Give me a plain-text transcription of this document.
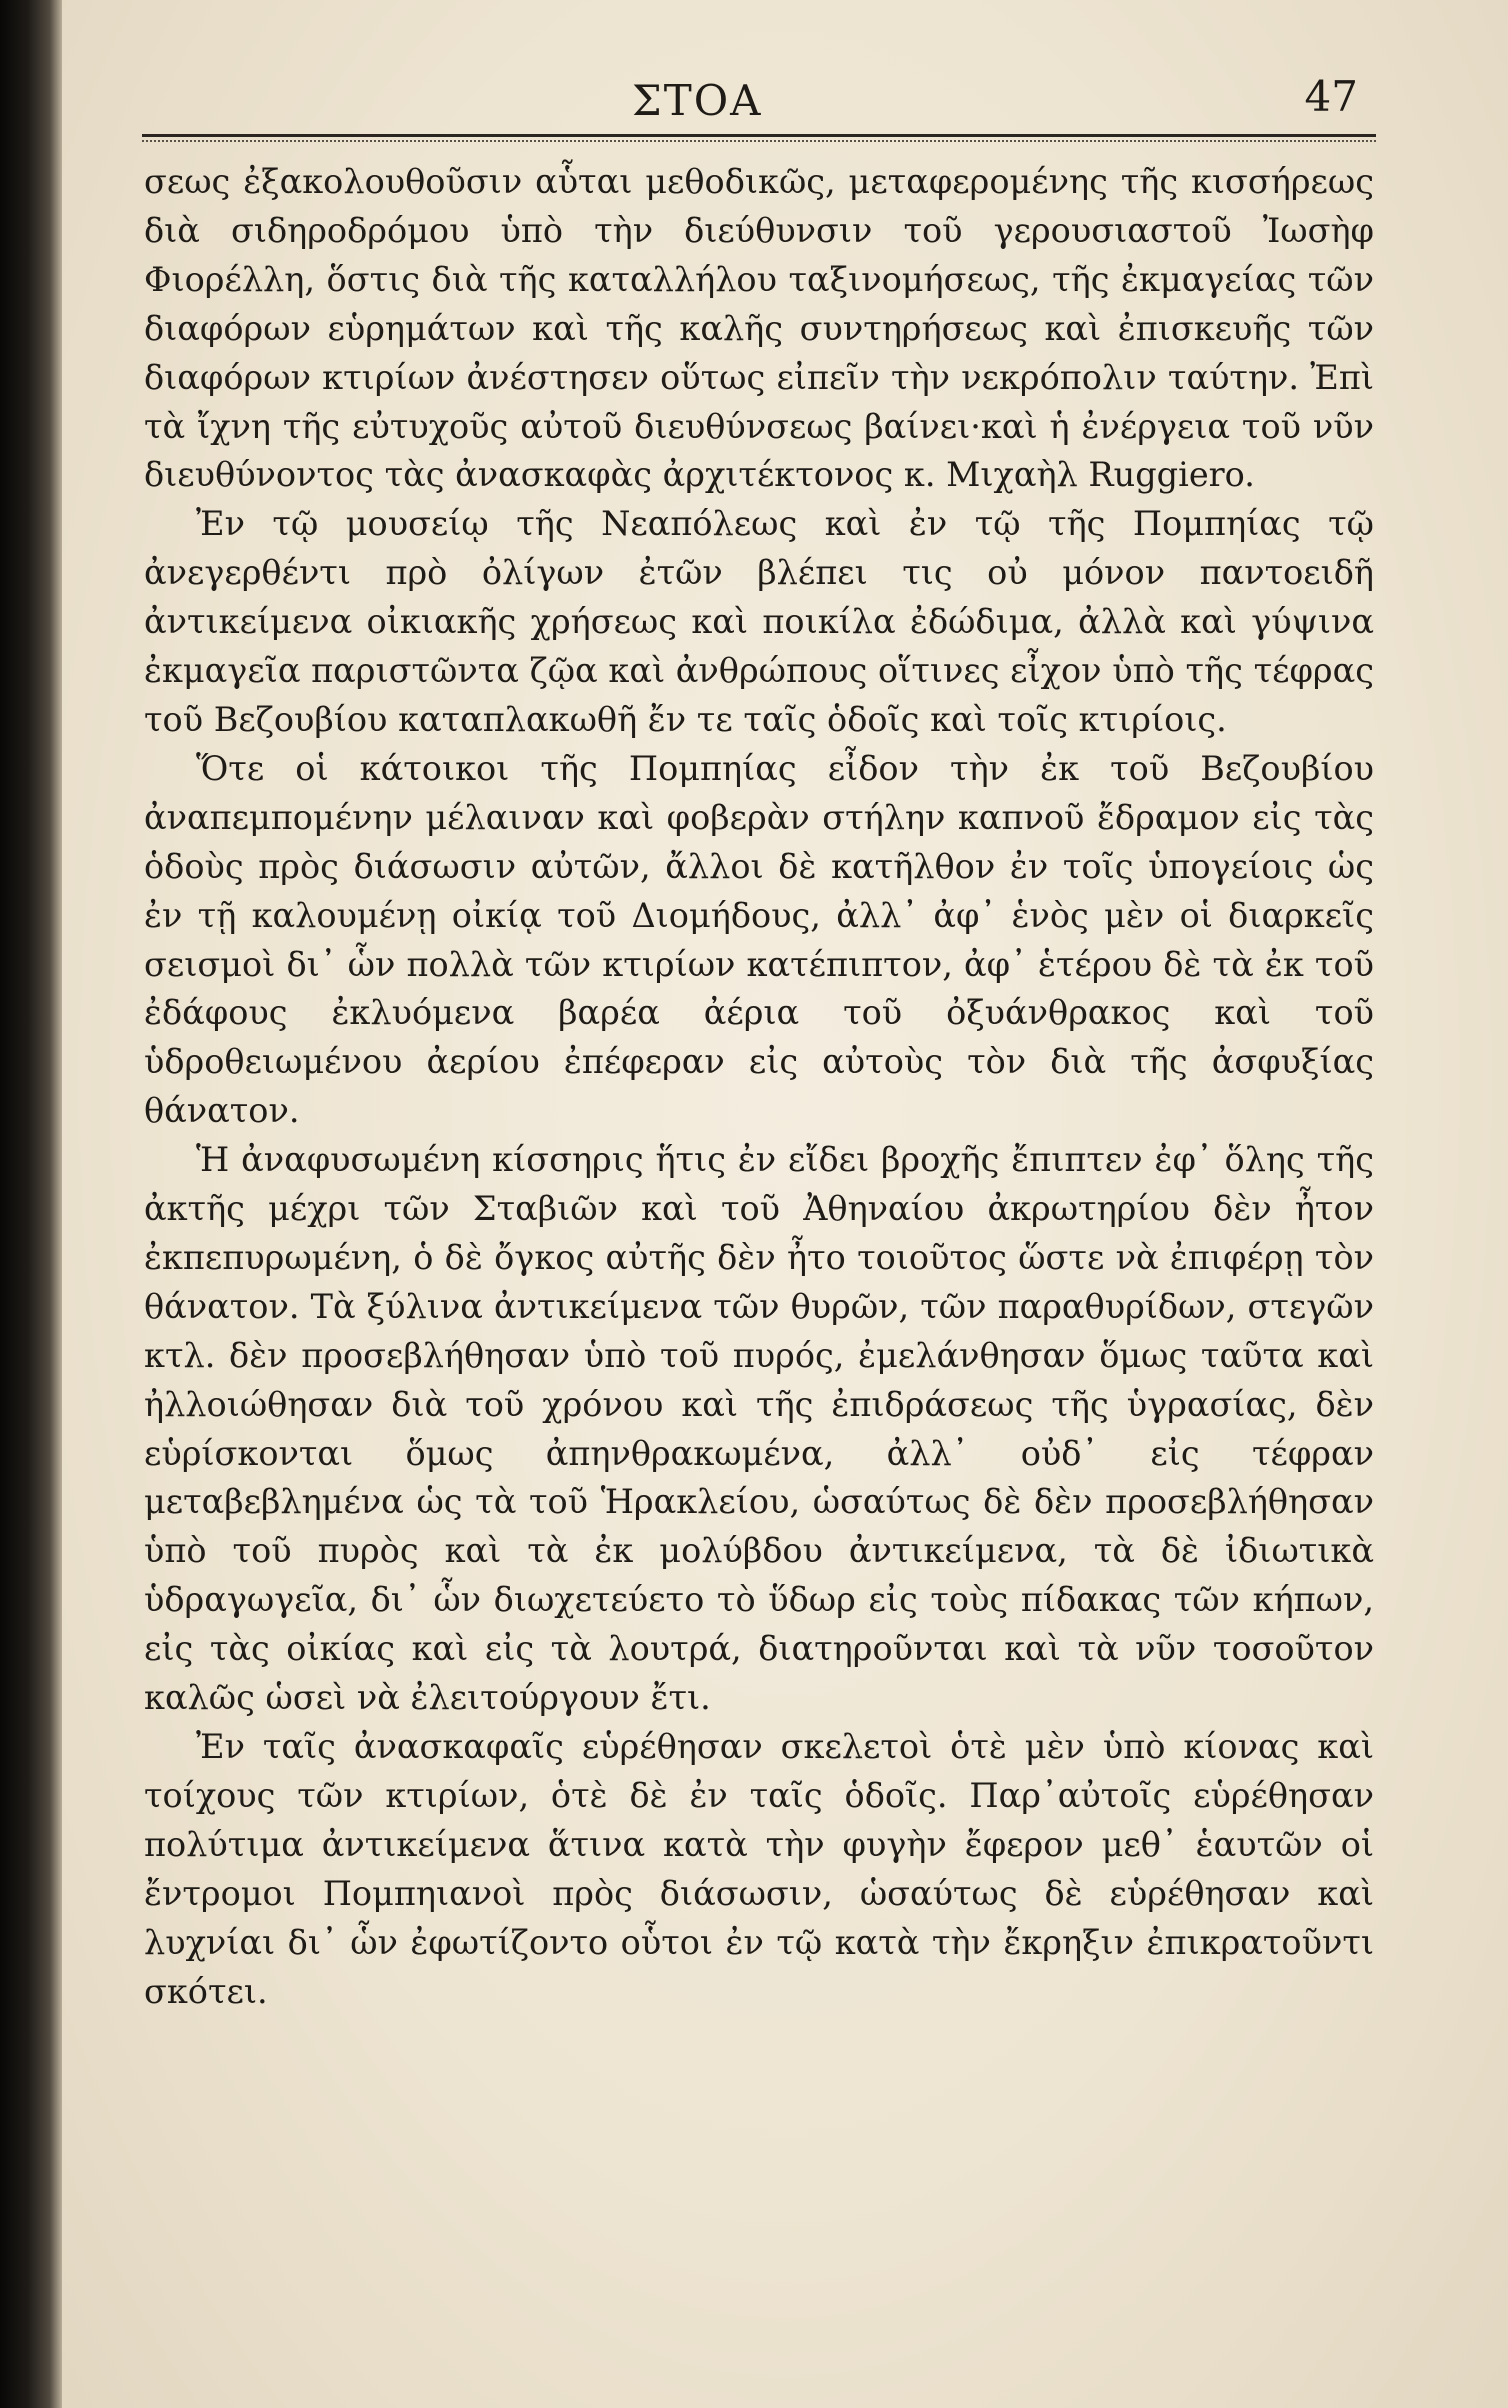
ΣΤΟΑ	47

σεως ἐξακολουθοῦσιν αὗται μεθοδικῶς, μεταφερομένης τῆς κισσήρεως διὰ σιδηροδρόμου ὑπὸ τὴν διεύθυνσιν τοῦ γερουσιαστοῦ Ἰωσὴφ Φιορέλλη, ὅστις διὰ τῆς καταλλήλου ταξινομήσεως, τῆς ἐκμαγείας τῶν διαφόρων εὑρημάτων καὶ τῆς καλῆς συντηρήσεως καὶ ἐπισκευῆς τῶν διαφόρων κτιρίων ἀνέστησεν οὕτως εἰπεῖν τὴν νεκρόπολιν ταύτην. Ἐπὶ τὰ ἴχνη τῆς εὐτυχοῦς αὐτοῦ διευθύνσεως βαίνει·καὶ ἡ ἐνέργεια τοῦ νῦν διευθύνοντος τὰς ἀνασκαφὰς ἀρχιτέκτονος κ. Μιχαὴλ Ruggiero.

Ἐν τῷ μουσείῳ τῆς Νεαπόλεως καὶ ἐν τῷ τῆς Πομπηίας τῷ ἀνεγερθέντι πρὸ ὀλίγων ἐτῶν βλέπει τις οὐ μόνον παντοειδῆ ἀντικείμενα οἰκιακῆς χρήσεως καὶ ποικίλα ἐδώδιμα, ἀλλὰ καὶ γύψινα ἐκμαγεῖα παριστῶντα ζῷα καὶ ἀνθρώπους οἵτινες εἶχον ὑπὸ τῆς τέφρας τοῦ Βεζουβίου καταπλακωθῆ ἔν τε ταῖς ὁδοῖς καὶ τοῖς κτιρίοις.

Ὅτε οἱ κάτοικοι τῆς Πομπηίας εἶδον τὴν ἐκ τοῦ Βεζουβίου ἀναπεμπομένην μέλαιναν καὶ φοβερὰν στήλην καπνοῦ ἔδραμον εἰς τὰς ὁδοὺς πρὸς διάσωσιν αὐτῶν, ἄλλοι δὲ κατῆλθον ἐν τοῖς ὑπογείοις ὡς ἐν τῇ καλουμένῃ οἰκίᾳ τοῦ Διομήδους, ἀλλ᾽ ἀφ᾽ ἑνὸς μὲν οἱ διαρκεῖς σεισμοὶ δι᾽ ὧν πολλὰ τῶν κτιρίων κατέπιπτον, ἀφ᾽ ἑτέρου δὲ τὰ ἐκ τοῦ ἐδάφους ἐκλυόμενα βαρέα ἀέρια τοῦ ὀξυάνθρακος καὶ τοῦ ὑδροθειωμένου ἀερίου ἐπέφεραν εἰς αὐτοὺς τὸν διὰ τῆς ἀσφυξίας θάνατον.

Ἡ ἀναφυσωμένη κίσσηρις ἥτις ἐν εἴδει βροχῆς ἔπιπτεν ἐφ᾽ ὅλης τῆς ἀκτῆς μέχρι τῶν Σταβιῶν καὶ τοῦ Ἀθηναίου ἀκρωτηρίου δὲν ἦτον ἐκπεπυρωμένη, ὁ δὲ ὄγκος αὐτῆς δὲν ἦτο τοιοῦτος ὥστε νὰ ἐπιφέρῃ τὸν θάνατον. Τὰ ξύλινα ἀντικείμενα τῶν θυρῶν, τῶν παραθυρίδων, στεγῶν κτλ. δὲν προσεβλήθησαν ὑπὸ τοῦ πυρός, ἐμελάνθησαν ὅμως ταῦτα καὶ ἠλλοιώθησαν διὰ τοῦ χρόνου καὶ τῆς ἐπιδράσεως τῆς ὑγρασίας, δὲν εὑρίσκονται ὅμως ἀπηνθρακωμένα, ἀλλ᾽ οὐδ᾽ εἰς τέφραν μεταβεβλημένα ὡς τὰ τοῦ Ἡρακλείου, ὡσαύτως δὲ δὲν προσεβλήθησαν ὑπὸ τοῦ πυρὸς καὶ τὰ ἐκ μολύβδου ἀντικείμενα, τὰ δὲ ἰδιωτικὰ ὑδραγωγεῖα, δι᾽ ὧν διωχετεύετο τὸ ὕδωρ εἰς τοὺς πίδακας τῶν κήπων, εἰς τὰς οἰκίας καὶ εἰς τὰ λουτρά, διατηροῦνται καὶ τὰ νῦν τοσοῦτον καλῶς ὡσεὶ νὰ ἐλειτούργουν ἔτι.

Ἐν ταῖς ἀνασκαφαῖς εὑρέθησαν σκελετοὶ ὁτὲ μὲν ὑπὸ κίονας καὶ τοίχους τῶν κτιρίων, ὁτὲ δὲ ἐν ταῖς ὁδοῖς. Παρ᾽αὐτοῖς εὑρέθησαν πολύτιμα ἀντικείμενα ἅτινα κατὰ τὴν φυγὴν ἔφερον μεθ᾽ ἑαυτῶν οἱ ἔντρομοι Πομπηιανοὶ πρὸς διάσωσιν, ὡσαύτως δὲ εὑρέθησαν καὶ λυχνίαι δι᾽ ὧν ἐφωτίζοντο οὗτοι ἐν τῷ κατὰ τὴν ἔκρηξιν ἐπικρατοῦντι σκότει.
